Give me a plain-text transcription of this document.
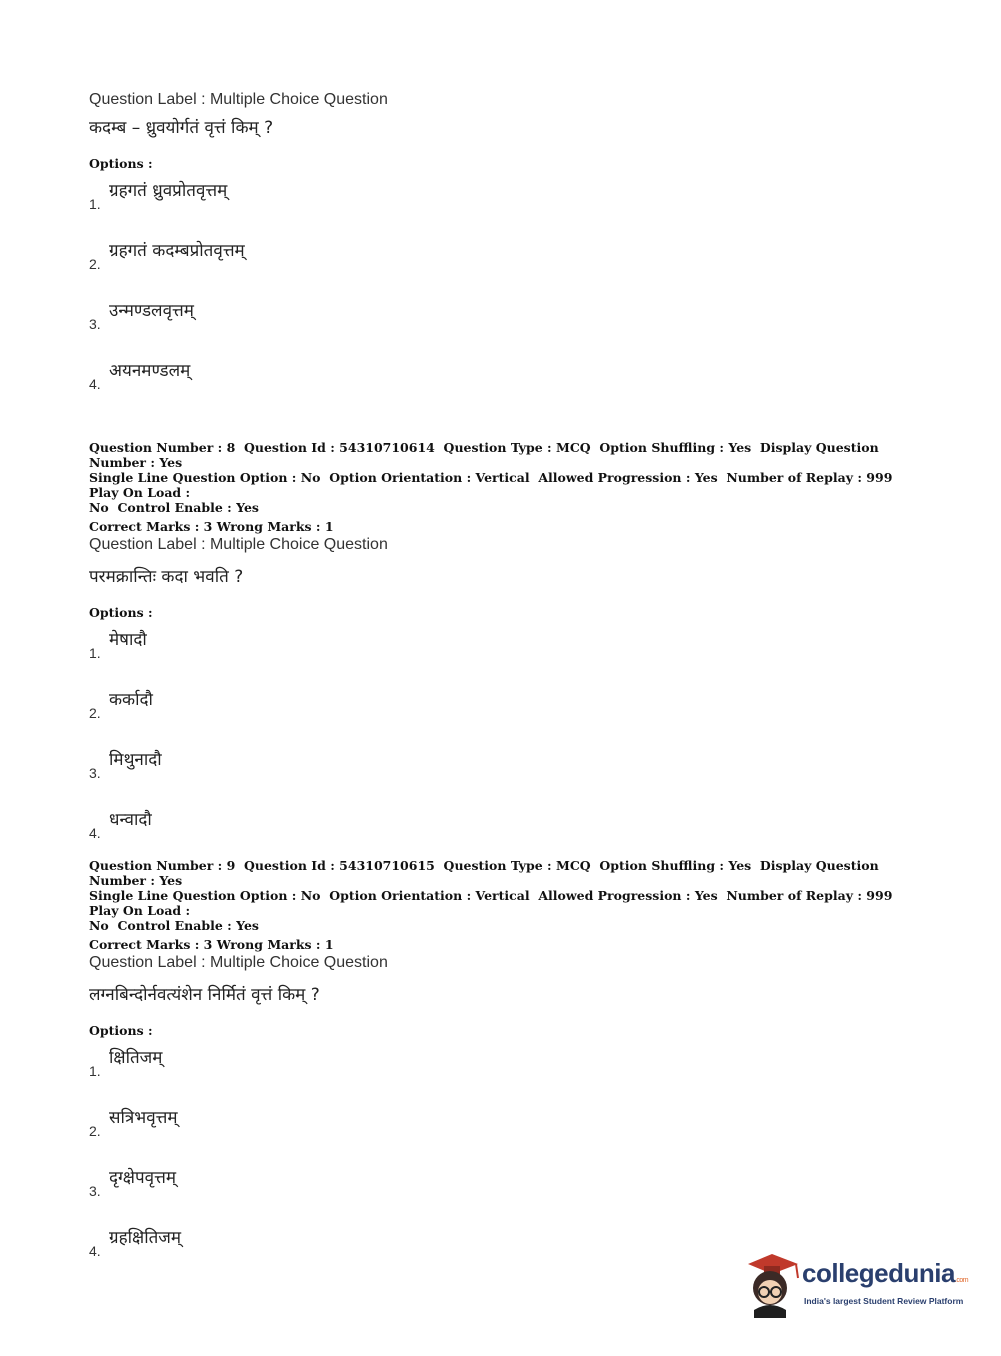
Question Label : Multiple Choice Question

कदम्ब – ध्रुवयोर्गतं वृत्तं किम् ?

Options :

1.
ग्रहगतं ध्रुवप्रोतवृत्तम्
2.
ग्रहगतं कदम्बप्रोतवृत्तम्
3.
उन्मण्डलवृत्तम्
4.
अयनमण्डलम्

Question Number : 8  Question Id : 54310710614  Question Type : MCQ  Option Shuffling : Yes  Display Question Number : Yes
Single Line Question Option : No  Option Orientation : Vertical  Allowed Progression : Yes  Number of Replay : 999  Play On Load :
No  Control Enable : Yes

Correct Marks : 3 Wrong Marks : 1

Question Label : Multiple Choice Question

परमक्रान्तिः कदा भवति ?

Options :

1.
मेषादौ
2.
कर्कादौ
3.
मिथुनादौ
4.
धन्वादौ

Question Number : 9  Question Id : 54310710615  Question Type : MCQ  Option Shuffling : Yes  Display Question Number : Yes
Single Line Question Option : No  Option Orientation : Vertical  Allowed Progression : Yes  Number of Replay : 999  Play On Load :
No  Control Enable : Yes

Correct Marks : 3 Wrong Marks : 1

Question Label : Multiple Choice Question

लग्नबिन्दोर्नवत्यंशेन निर्मितं वृत्तं किम् ?

Options :

1.
क्षितिजम्
2.
सत्रिभवृत्तम्
3.
दृग्क्षेपवृत्तम्
4.
ग्रहक्षितिजम्
collegedunia.com
India's largest Student Review Platform
